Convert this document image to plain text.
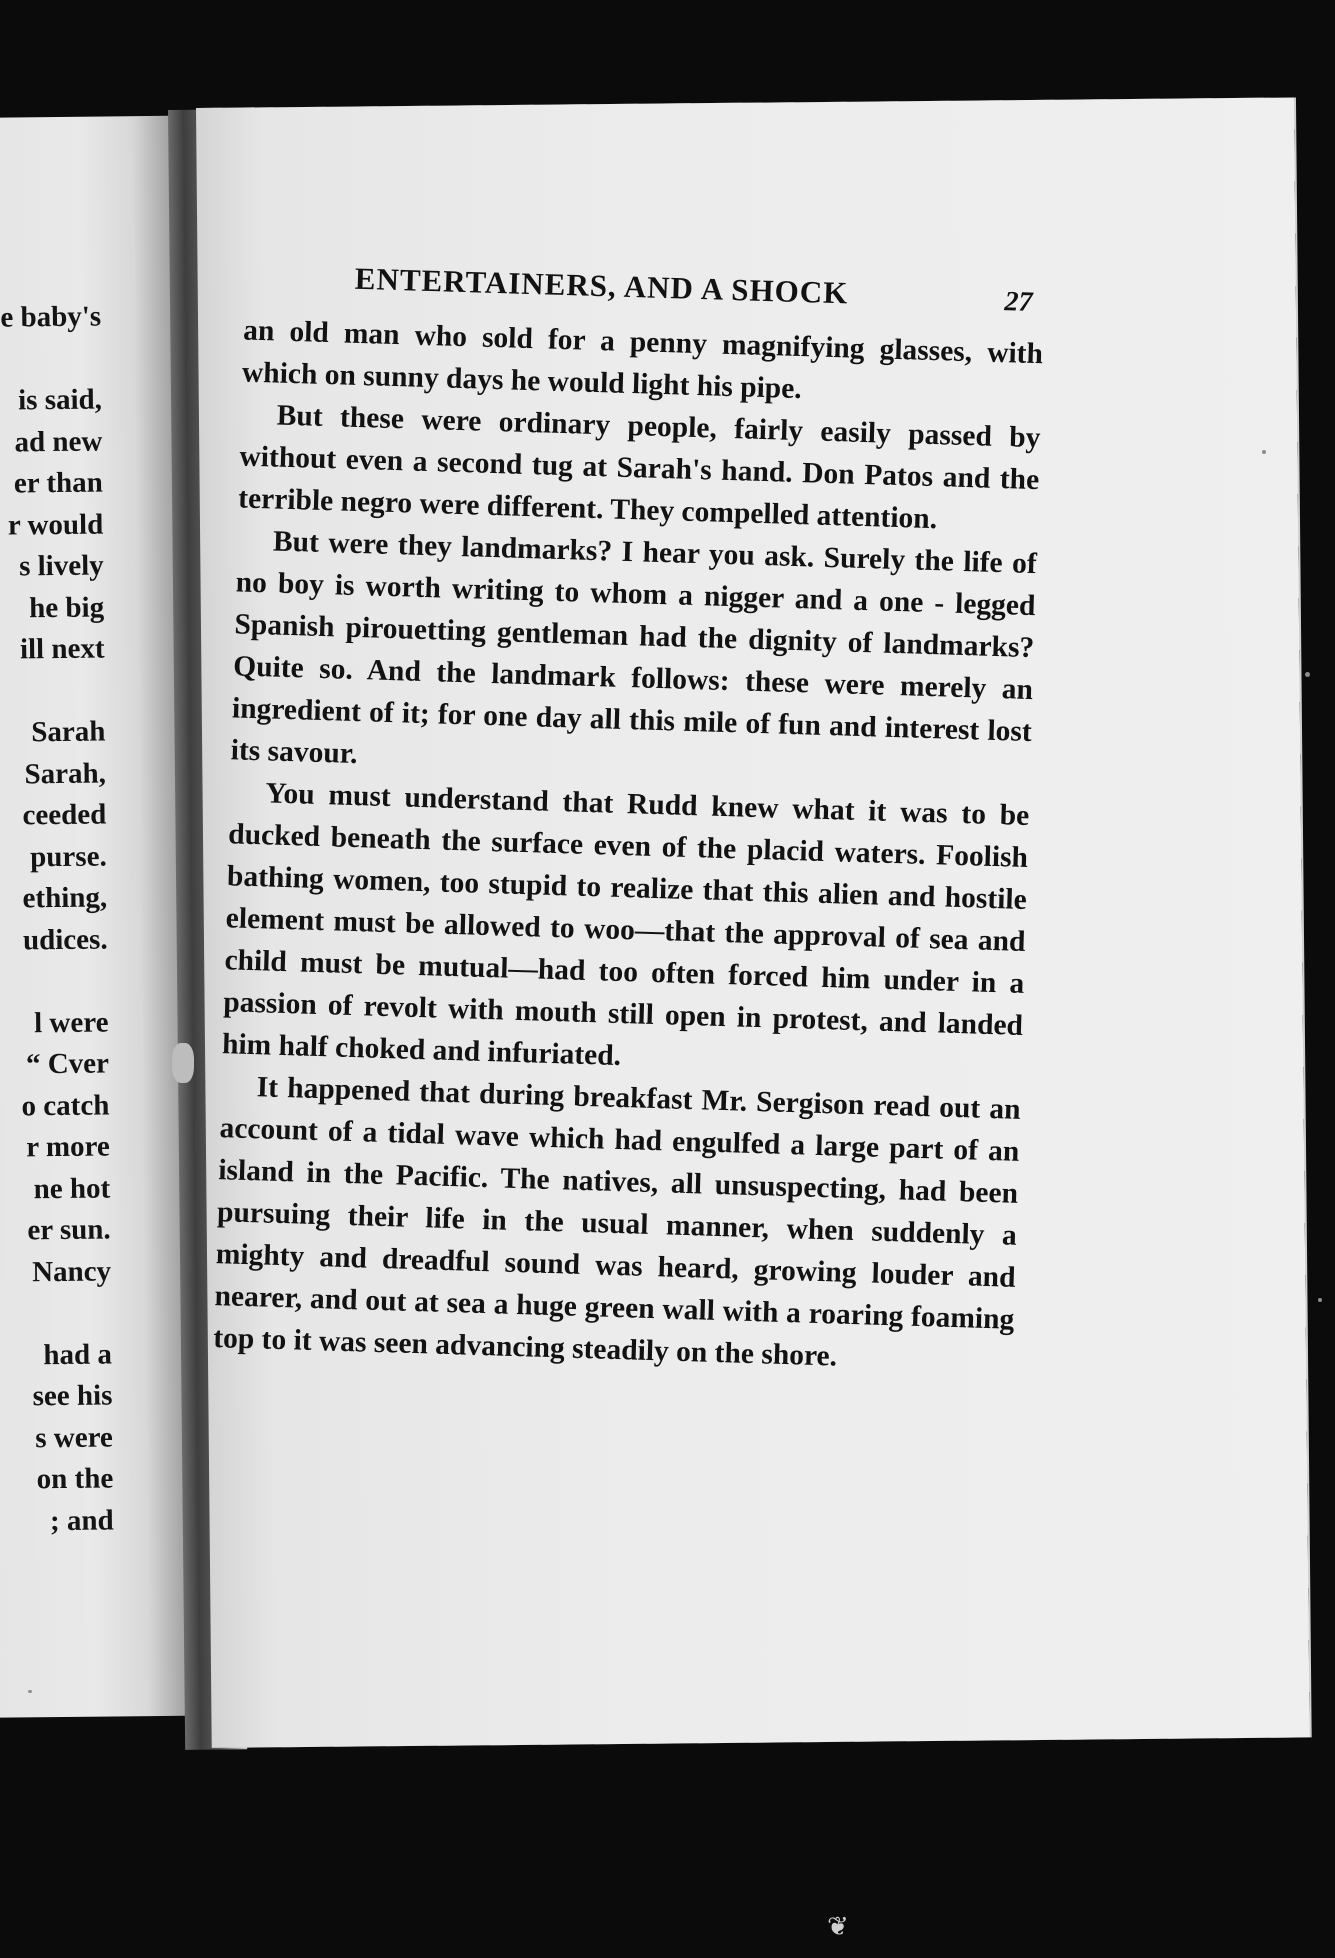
e baby's
is said,
ad new
er than
r would
s lively
he big
ill next
Sarah
Sarah,
ceeded
purse.
ething,
udices.
l were
“ Cver
o catch
r more
ne hot
er sun.
Nancy
had a
see his
s were
on the
; and
ENTERTAINERS, AND A SHOCK	27

an old man who sold for a penny magnifying glasses, with which on sunny days he would light his pipe.

But these were ordinary people, fairly easily passed by without even a second tug at Sarah's hand. Don Patos and the terrible negro were different. They compelled attention.

But were they landmarks? I hear you ask. Surely the life of no boy is worth writing to whom a nigger and a one - legged Spanish pirouetting gentleman had the dignity of landmarks? Quite so. And the landmark follows: these were merely an ingredient of it; for one day all this mile of fun and interest lost its savour.

You must understand that Rudd knew what it was to be ducked beneath the surface even of the placid waters. Foolish bathing women, too stupid to realize that this alien and hostile element must be allowed to woo—that the approval of sea and child must be mutual—had too often forced him under in a passion of revolt with mouth still open in protest, and landed him half choked and infuriated.

It happened that during breakfast Mr. Sergison read out an account of a tidal wave which had engulfed a large part of an island in the Pacific. The natives, all unsuspecting, had been pursuing their life in the usual manner, when suddenly a mighty and dreadful sound was heard, growing louder and nearer, and out at sea a huge green wall with a roaring foaming top to it was seen advancing steadily on the shore.

❦
